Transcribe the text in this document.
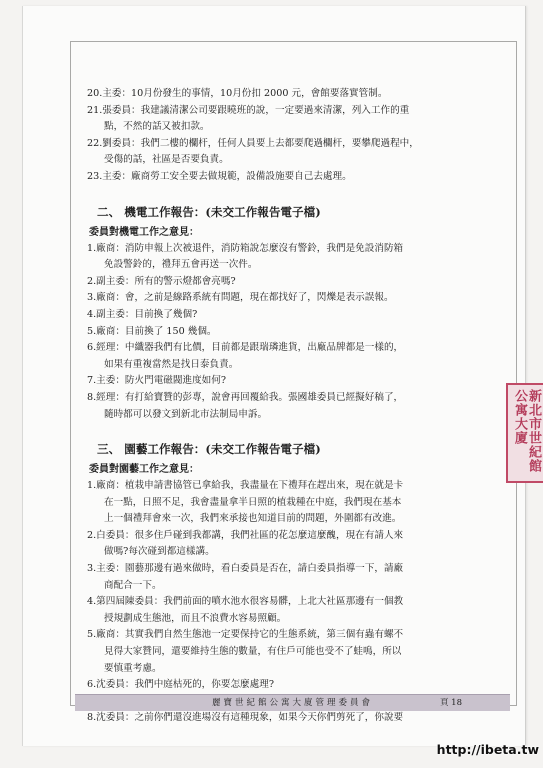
20.主委：10月份發生的事情，10月份扣 2000 元，會館要落實管制。
21.張委員：我建議清潔公司要跟曉班的說，一定要過來清潔，列入工作的重
點，不然的話又被扣款。
22.劉委員：我們二樓的欄杆，任何人員要上去都要爬過欄杆，要攀爬過程中，
受傷的話，社區是否要負責。
23.主委：廠商勞工安全要去做規範，設備設施要自己去處理。
二、 機電工作報告：(未交工作報告電子檔)
委員對機電工作之意見：
1.廠商：消防申報上次被退件，消防箱說怎麼沒有警鈴，我們是免設消防箱
免設警鈴的，禮拜五會再送一次件。
2.副主委：所有的警示燈都會亮嗎?
3.廠商：會，之前是線路系統有問題，現在都找好了，閃爍是表示誤報。
4.副主委：目前換了幾個?
5.廠商：目前換了 150 幾個。
6.經理：中纖器我們有比價，目前都是跟瑞璘進貨，出廠品牌都是一樣的，
如果有重複當然是找日泰負責。
7.主委：防火門電磁閥進度如何?
8.經理：有打給寶贊的彭專，說會再回覆給我。張國雄委員已經擬好稿了，
隨時都可以發文到新北市法制局申訴。
三、 園藝工作報告：(未交工作報告電子檔)
委員對園藝工作之意見：
1.廠商：植栽申請書協管已拿給我，我盡量在下禮拜在趕出來，現在就是卡
在一點，日照不足，我會盡量拿半日照的植栽種在中庭，我們現在基本
上一個禮拜會來一次，我們來承接也知道目前的問題，外圍都有改進。
2.白委員：很多住戶碰到我都講，我們社區的花怎麼這麼醜，現在有請人來
做嗎?每次碰到都這樣講。
3.主委：園藝那邊有過來做時，看白委員是否在，請白委員指導一下，請廠
商配合一下。
4.第四屆陳委員：我們前面的噴水池水很容易髒，上北大社區那邊有一個教
授規劃成生態池，而且不浪費水容易照顧。
5.廠商：其實我們自然生態池一定要保持它的生態系統，第三個有蟲有螺不
見得大家贊同，還要維持生態的數量，有住戶可能也受不了蛙鳴，所以
要慎重考慮。
6.沈委員：我們中庭枯死的，你要怎麼處理?
8.沈委員：之前你們還沒進場沒有這種現象，如果今天你們剪死了，你說要
麗寶世紀館公寓大廈管理委員會	頁 18
新北市世紀館公寓大廈
http://ibeta.tw
